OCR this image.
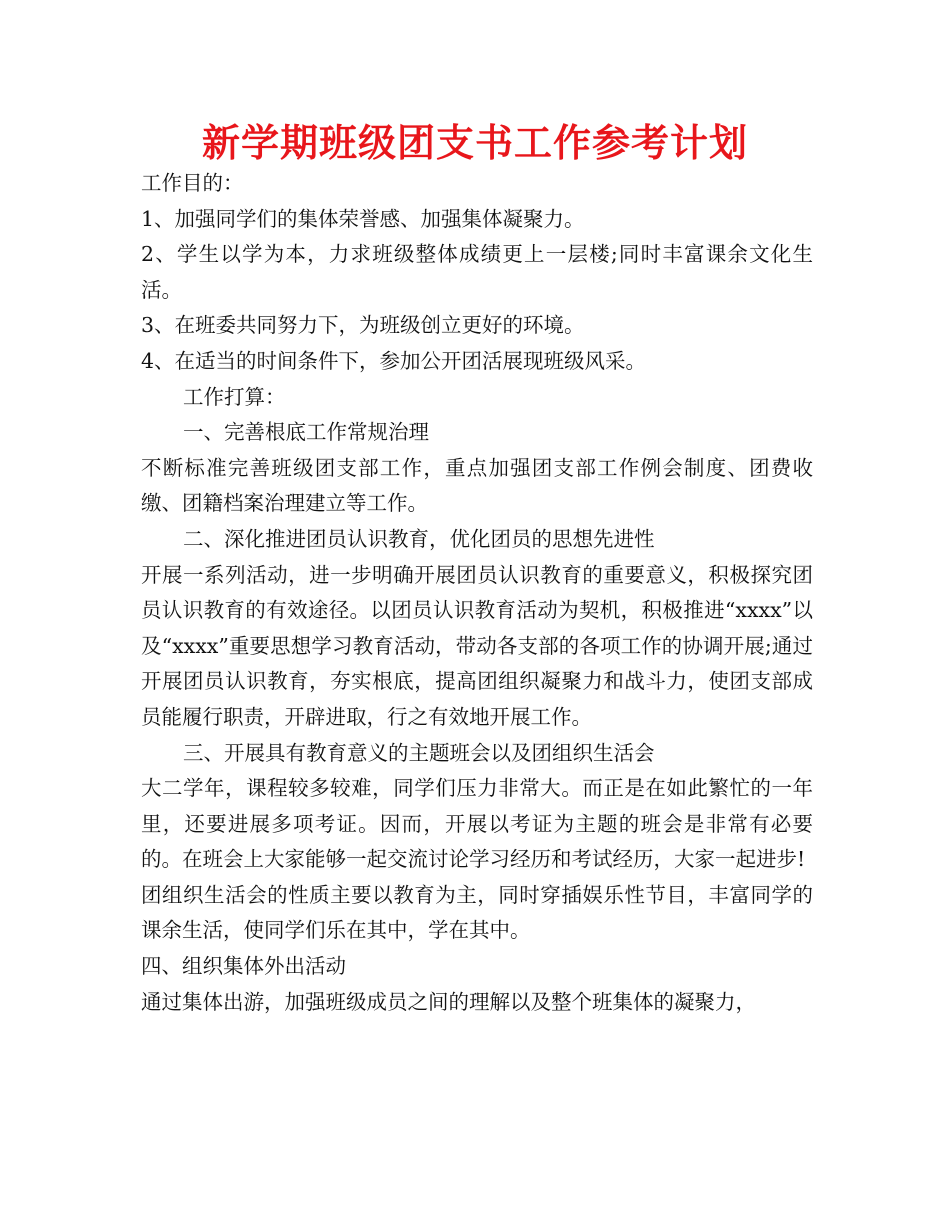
新学期班级团支书工作参考计划

工作目的：

1、加强同学们的集体荣誉感、加强集体凝聚力。

2、学生以学为本，力求班级整体成绩更上一层楼;同时丰富课余文化生活。

3、在班委共同努力下，为班级创立更好的环境。

4、在适当的时间条件下，参加公开团活展现班级风采。

工作打算：

一、完善根底工作常规治理

不断标准完善班级团支部工作，重点加强团支部工作例会制度、团费收缴、团籍档案治理建立等工作。

二、深化推进团员认识教育，优化团员的思想先进性

开展一系列活动，进一步明确开展团员认识教育的重要意义，积极探究团员认识教育的有效途径。以团员认识教育活动为契机，积极推进“xxxx”以及“xxxx”重要思想学习教育活动，带动各支部的各项工作的协调开展;通过开展团员认识教育，夯实根底，提高团组织凝聚力和战斗力，使团支部成员能履行职责，开辟进取，行之有效地开展工作。

三、开展具有教育意义的主题班会以及团组织生活会

大二学年，课程较多较难，同学们压力非常大。而正是在如此繁忙的一年里，还要进展多项考证。因而，开展以考证为主题的班会是非常有必要的。在班会上大家能够一起交流讨论学习经历和考试经历，大家一起进步!

团组织生活会的性质主要以教育为主，同时穿插娱乐性节目，丰富同学的课余生活，使同学们乐在其中，学在其中。

四、组织集体外出活动

通过集体出游，加强班级成员之间的理解以及整个班集体的凝聚力，
